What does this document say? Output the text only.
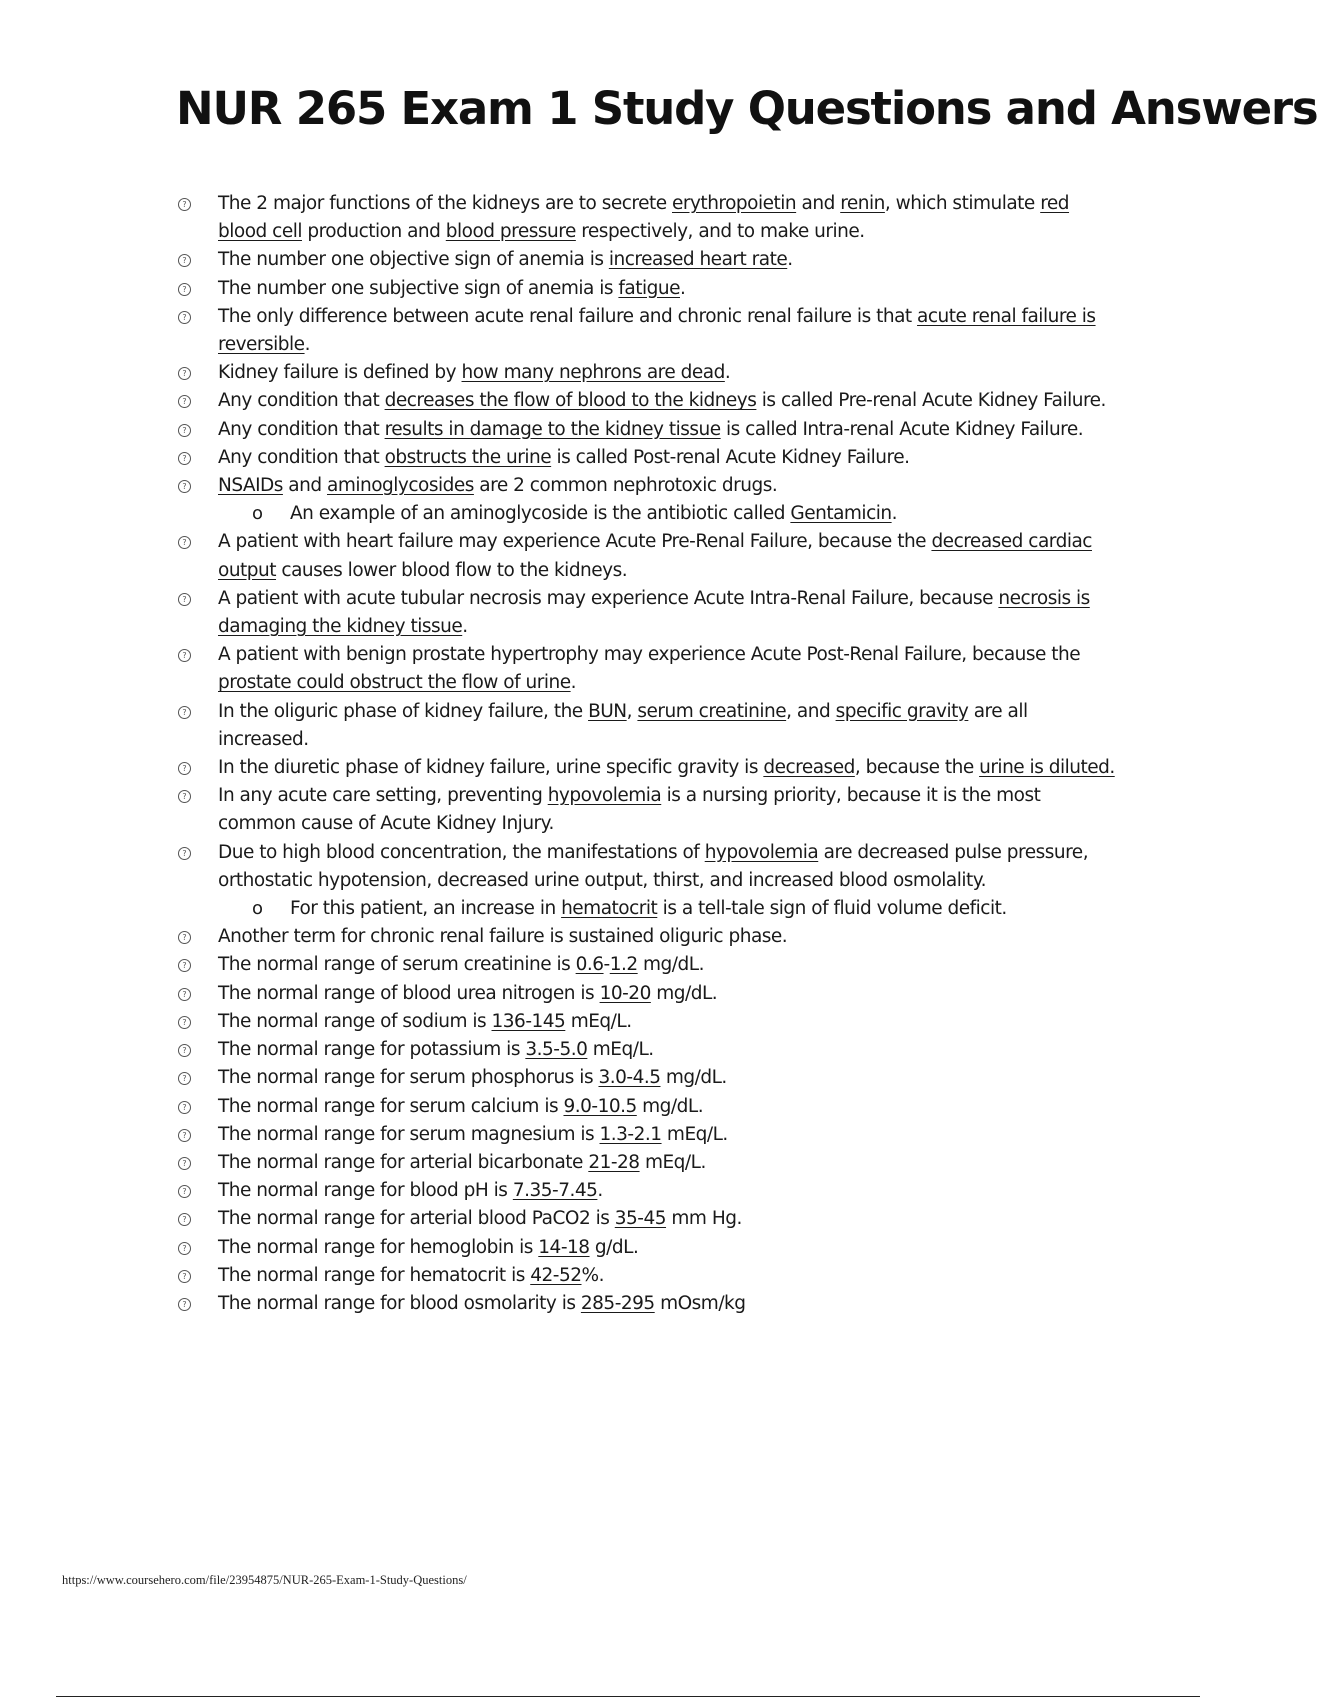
NUR 265 Exam 1 Study Questions and Answers
? The 2 major functions of the kidneys are to secrete erythropoietin and renin, which stimulate red blood cell production and blood pressure respectively, and to make urine.
? The number one objective sign of anemia is increased heart rate.
? The number one subjective sign of anemia is fatigue.
? The only difference between acute renal failure and chronic renal failure is that acute renal failure is reversible.
? Kidney failure is defined by how many nephrons are dead.
? Any condition that decreases the flow of blood to the kidneys is called Pre-renal Acute Kidney Failure.
? Any condition that results in damage to the kidney tissue is called Intra-renal Acute Kidney Failure.
? Any condition that obstructs the urine is called Post-renal Acute Kidney Failure.
? NSAIDs and aminoglycosides are 2 common nephrotoxic drugs.
o An example of an aminoglycoside is the antibiotic called Gentamicin.
? A patient with heart failure may experience Acute Pre-Renal Failure, because the decreased cardiac output causes lower blood flow to the kidneys.
? A patient with acute tubular necrosis may experience Acute Intra-Renal Failure, because necrosis is damaging the kidney tissue.
? A patient with benign prostate hypertrophy may experience Acute Post-Renal Failure, because the prostate could obstruct the flow of urine.
? In the oliguric phase of kidney failure, the BUN, serum creatinine, and specific gravity are all increased.
? In the diuretic phase of kidney failure, urine specific gravity is decreased, because the urine is diluted.
? In any acute care setting, preventing hypovolemia is a nursing priority, because it is the most common cause of Acute Kidney Injury.
? Due to high blood concentration, the manifestations of hypovolemia are decreased pulse pressure, orthostatic hypotension, decreased urine output, thirst, and increased blood osmolality.
o For this patient, an increase in hematocrit is a tell-tale sign of fluid volume deficit.
? Another term for chronic renal failure is sustained oliguric phase.
? The normal range of serum creatinine is 0.6-1.2 mg/dL.
? The normal range of blood urea nitrogen is 10-20 mg/dL.
? The normal range of sodium is 136-145 mEq/L.
? The normal range for potassium is 3.5-5.0 mEq/L.
? The normal range for serum phosphorus is 3.0-4.5 mg/dL.
? The normal range for serum calcium is 9.0-10.5 mg/dL.
? The normal range for serum magnesium is 1.3-2.1 mEq/L.
? The normal range for arterial bicarbonate 21-28 mEq/L.
? The normal range for blood pH is 7.35-7.45.
? The normal range for arterial blood PaCO2 is 35-45 mm Hg.
? The normal range for hemoglobin is 14-18 g/dL.
? The normal range for hematocrit is 42-52%.
? The normal range for blood osmolarity is 285-295 mOsm/kg
https://www.coursehero.com/file/23954875/NUR-265-Exam-1-Study-Questions/
